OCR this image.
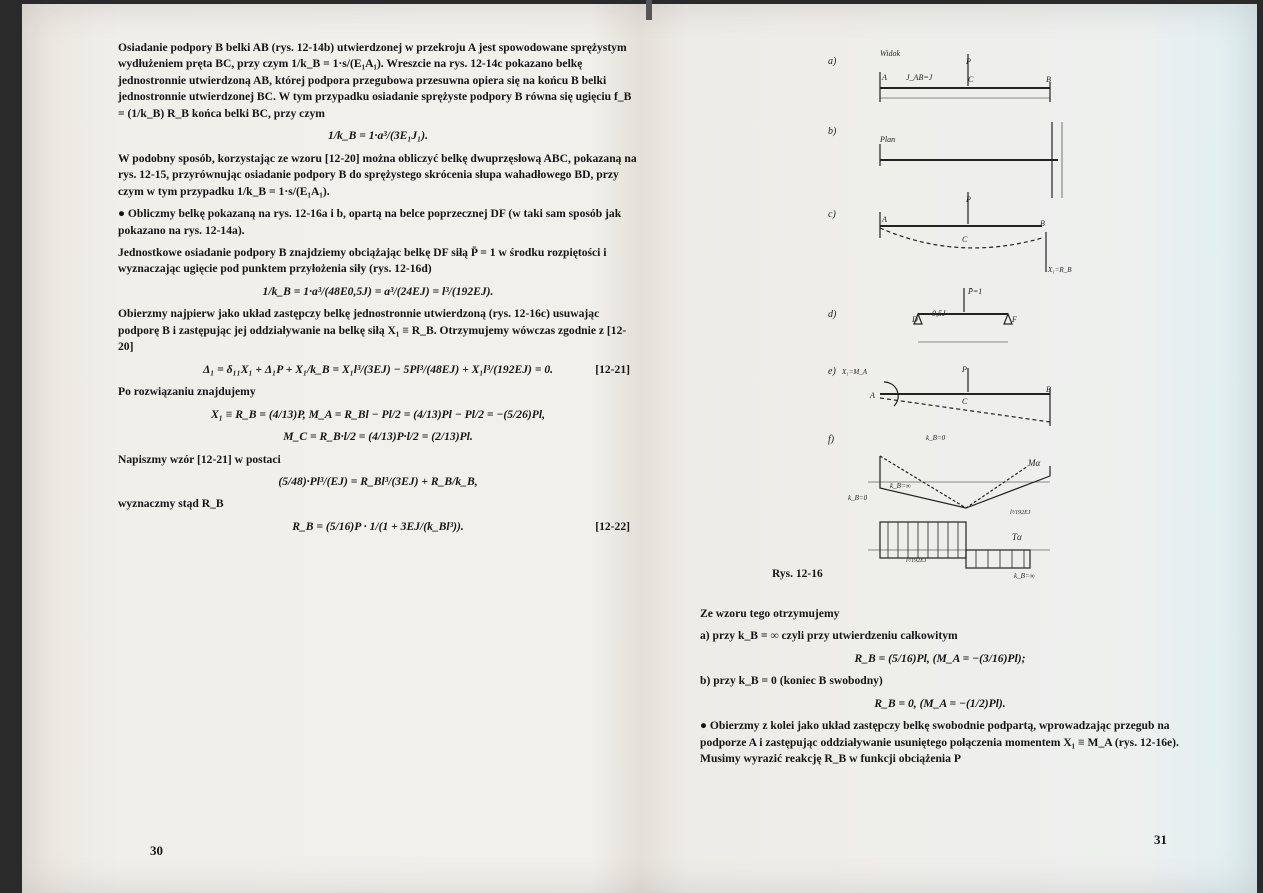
Osiadanie podpory B belki AB (rys. 12-14b) utwierdzonej w przekroju A jest spowodowane sprężystym wydłużeniem pręta BC, przy czym 1/k_B = 1·s/(E₁A₁). Wreszcie na rys. 12-14c pokazano belkę jednostronnie utwierdzoną AB, której podpora przegubowa przesuwna opiera się na końcu B belki jednostronnie utwierdzonej BC. W tym przypadku osiadanie sprężyste podpory B równa się ugięciu f_B = (1/k_B) R_B końca belki BC, przy czym

1/k_B = 1·a³/(3E₁J₁).

W podobny sposób, korzystając ze wzoru [12-20] można obliczyć belkę dwuprzęsłową ABC, pokazaną na rys. 12-15, przyrównując osiadanie podpory B do sprężystego skrócenia słupa wahadłowego BD, przy czym w tym przypadku 1/k_B = 1·s/(E₁A₁).

● Obliczmy belkę pokazaną na rys. 12-16a i b, opartą na belce poprzecznej DF (w taki sam sposób jak pokazano na rys. 12-14a).

Jednostkowe osiadanie podpory B znajdziemy obciążając belkę DF siłą P̄ = 1 w środku rozpiętości i wyznaczając ugięcie pod punktem przyłożenia siły (rys. 12-16d)

1/k_B = 1·a³/(48E0,5J) = a³/(24EJ) = l³/(192EJ).

Obierzmy najpierw jako układ zastępczy belkę jednostronnie utwierdzoną (rys. 12-16c) usuwając podporę B i zastępując jej oddziaływanie na belkę siłą X₁ ≡ R_B. Otrzymujemy wówczas zgodnie z [12-20]

Δ₁ = δ₁₁X₁ + Δ₁P + X₁/k_B = X₁l³/(3EJ) − 5Pl³/(48EJ) + X₁l³/(192EJ) = 0.	[12-21]

Po rozwiązaniu znajdujemy

X₁ ≡ R_B = (4/13)P, M_A = R_Bl − Pl/2 = (4/13)Pl − Pl/2 = −(5/26)Pl,
M_C = R_B·l/2 = (4/13)P·l/2 = (2/13)Pl.

Napiszmy wzór [12-21] w postaci

(5/48)·Pl³/(EJ) = R_Bl³/(3EJ) + R_B/k_B,

wyznaczmy stąd R_B

R_B = (5/16)P · 1/(1 + 3EJ/(k_Bl³)).	[12-22]
30
a)
Widok
A J_AB=J
P
C	B
b)
Plan
c)	A
P
C
B
X₁=R_B
d)
P̄=1
D
0,5J
F
e) X₁=M_A
A
P
C
B
f)	k_B=0
k_B=∞
k_B=0
Mα
l³/192EJ
Tα
l³/192EJ
k_B=∞
Rys. 12-16

Ze wzoru tego otrzymujemy

a) przy k_B = ∞ czyli przy utwierdzeniu całkowitym

R_B = (5/16)Pl, (M_A = −(3/16)Pl);

b) przy k_B = 0 (koniec B swobodny)

R_B = 0, (M_A = −(1/2)Pl).

● Obierzmy z kolei jako układ zastępczy belkę swobodnie podpartą, wprowadzając przegub na podporze A i zastępując oddziaływanie usuniętego połączenia momentem X₁ ≡ M_A (rys. 12-16e). Musimy wyrazić reakcję R_B w funkcji obciążenia P

31
